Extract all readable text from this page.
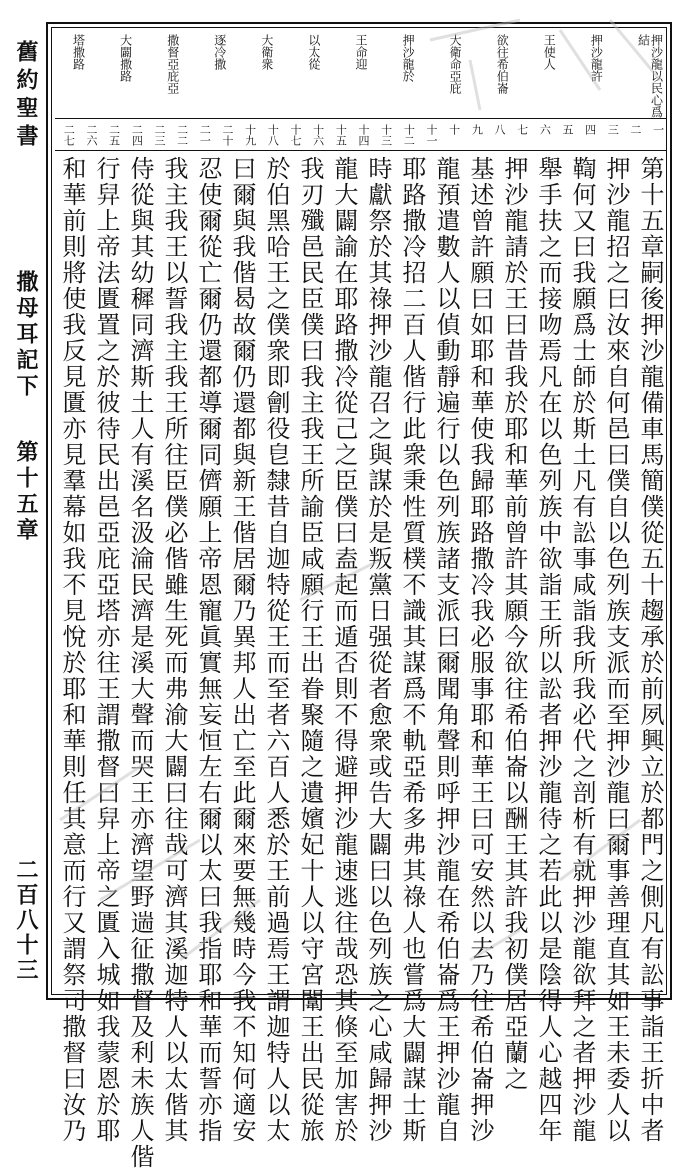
舊約聖書
撒母耳記下
第十五章
二百八十三
押沙龍以民心爲結
押沙龍許
王使人
欲往希伯崙
大衛命亞庇
押沙龍於
王命迎
以太從
大衛衆
逐冷撒
撒督亞庇亞
大闢撒路
塔撒路
一
二
三
四
五
六
七
八
九
十
十一
十二
十三
十四
十五
十六
十七
十八
十九
二十
二一
二二
二三
二四
二五
二六
二七
第十五章嗣後押沙龍備車馬簡僕從五十趨承於前夙興立於都門之側凡有訟事詣王折中者
押沙龍招之曰汝來自何邑曰僕自以色列族支派而至押沙龍曰爾事善理直其如王未委人以
鞫何又曰我願爲士師於斯土凡有訟事咸詣我所我必代之剖析有就押沙龍欲拜之者押沙龍
舉手扶之而接吻焉凡在以色列族中欲詣王所以訟者押沙龍待之若此以是陰得人心越四年
押沙龍請於王曰昔我於耶和華前曾許其願今欲往希伯崙以酬王其許我初僕居亞蘭之
基述曾許願曰如耶和華使我歸耶路撒冷我必服事耶和華王曰可安然以去乃往希伯崙押沙
龍預遣數人以偵動靜遍行以色列族諸支派曰爾聞角聲則呼押沙龍在希伯崙爲王押沙龍自
耶路撒冷招二百人偕行此衆秉性質樸不識其謀爲不軌亞希多弗其祿人也嘗爲大闢謀士斯
時獻祭於其祿押沙龍召之與謀於是叛黨日强從者愈衆或告大闢曰以色列族之心咸歸押沙
龍大闢諭在耶路撒冷從己之臣僕曰盍起而遁否則不得避押沙龍速逃往哉恐其倏至加害於
我刃殲邑民臣僕曰我主我王所諭臣咸願行王出眷聚隨之遺嬪妃十人以守宮闈王出民從旅
於伯黑哈王之僕衆即劊役皀隸昔自迦特從王而至者六百人悉於王前過焉王謂迦特人以太
曰爾與我偕曷故爾仍還都與新王偕居爾乃異邦人出亡至此爾來要無幾時今我不知何適安
忍使爾從亡爾仍還都導爾同儕願上帝恩寵眞實無妄恒左右爾以太曰我指耶和華而誓亦指
我主我王以誓我主我王所往臣僕必偕雖生死而弗渝大闢曰往哉可濟其溪迦特人以太偕其
侍從與其幼穉同濟斯土人有溪名汲淪民濟是溪大聲而哭王亦濟望野遄征撒督及利未族人偕
行舁上帝法匱置之於彼待民出邑亞庇亞塔亦往王謂撒督曰舁上帝之匱入城如我蒙恩於耶
和華前則將使我反見匱亦見羣幕如我不見悅於耶和華則任其意而行又謂祭司撒督曰汝乃
